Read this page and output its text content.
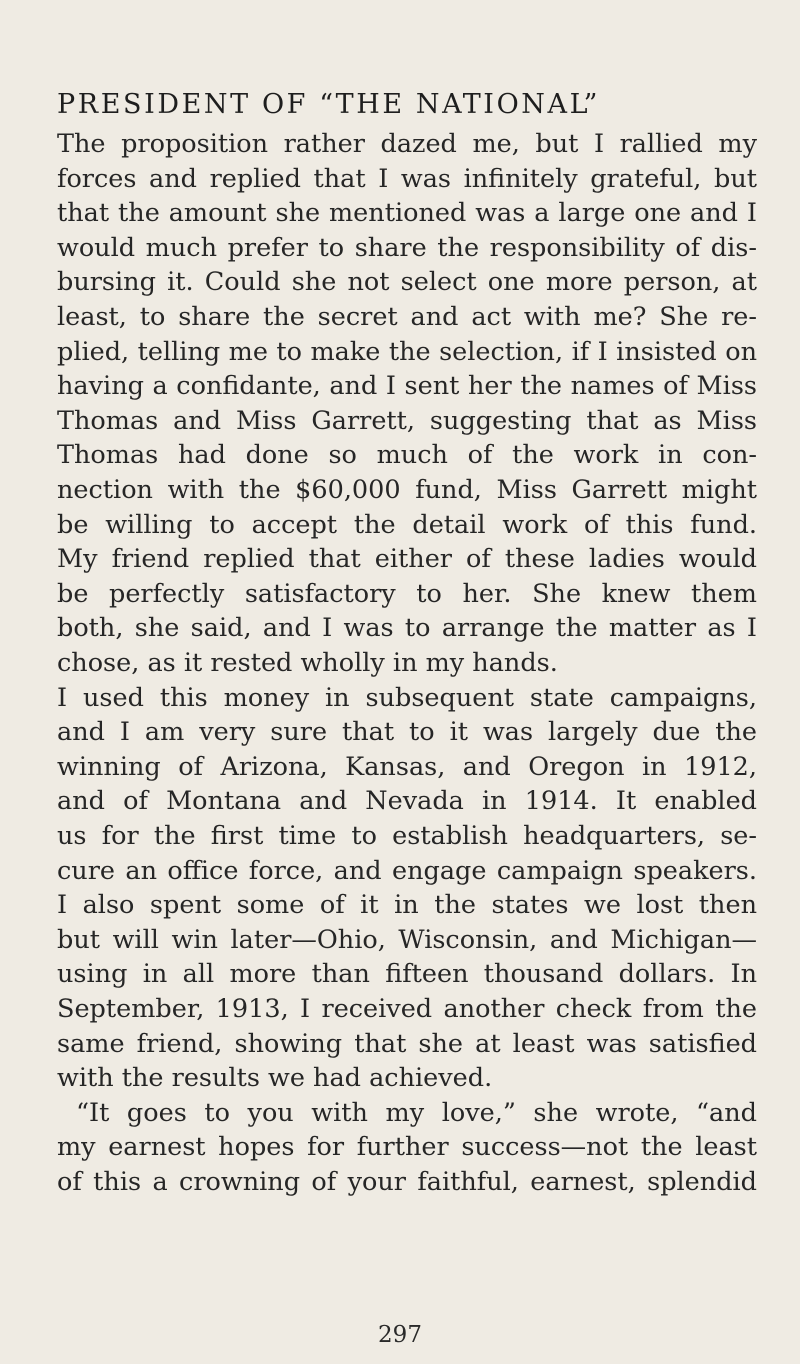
PRESIDENT OF “THE NATIONAL”
The proposition rather dazed me, but I rallied my
forces and replied that I was infinitely grateful, but
that the amount she mentioned was a large one and I
would much prefer to share the responsibility of dis-
bursing it. Could she not select one more person, at
least, to share the secret and act with me? She re-
plied, telling me to make the selection, if I insisted on
having a confidante, and I sent her the names of Miss
Thomas and Miss Garrett, suggesting that as Miss
Thomas had done so much of the work in con-
nection with the $60,000 fund, Miss Garrett might
be willing to accept the detail work of this fund.
My friend replied that either of these ladies would
be perfectly satisfactory to her. She knew them
both, she said, and I was to arrange the matter as I
chose, as it rested wholly in my hands.
I used this money in subsequent state campaigns,
and I am very sure that to it was largely due the
winning of Arizona, Kansas, and Oregon in 1912,
and of Montana and Nevada in 1914. It enabled
us for the first time to establish headquarters, se-
cure an office force, and engage campaign speakers.
I also spent some of it in the states we lost then
but will win later—Ohio, Wisconsin, and Michigan—
using in all more than fifteen thousand dollars. In
September, 1913, I received another check from the
same friend, showing that she at least was satisfied
with the results we had achieved.
“It goes to you with my love,” she wrote, “and
my earnest hopes for further success—not the least
of this a crowning of your faithful, earnest, splendid
297
